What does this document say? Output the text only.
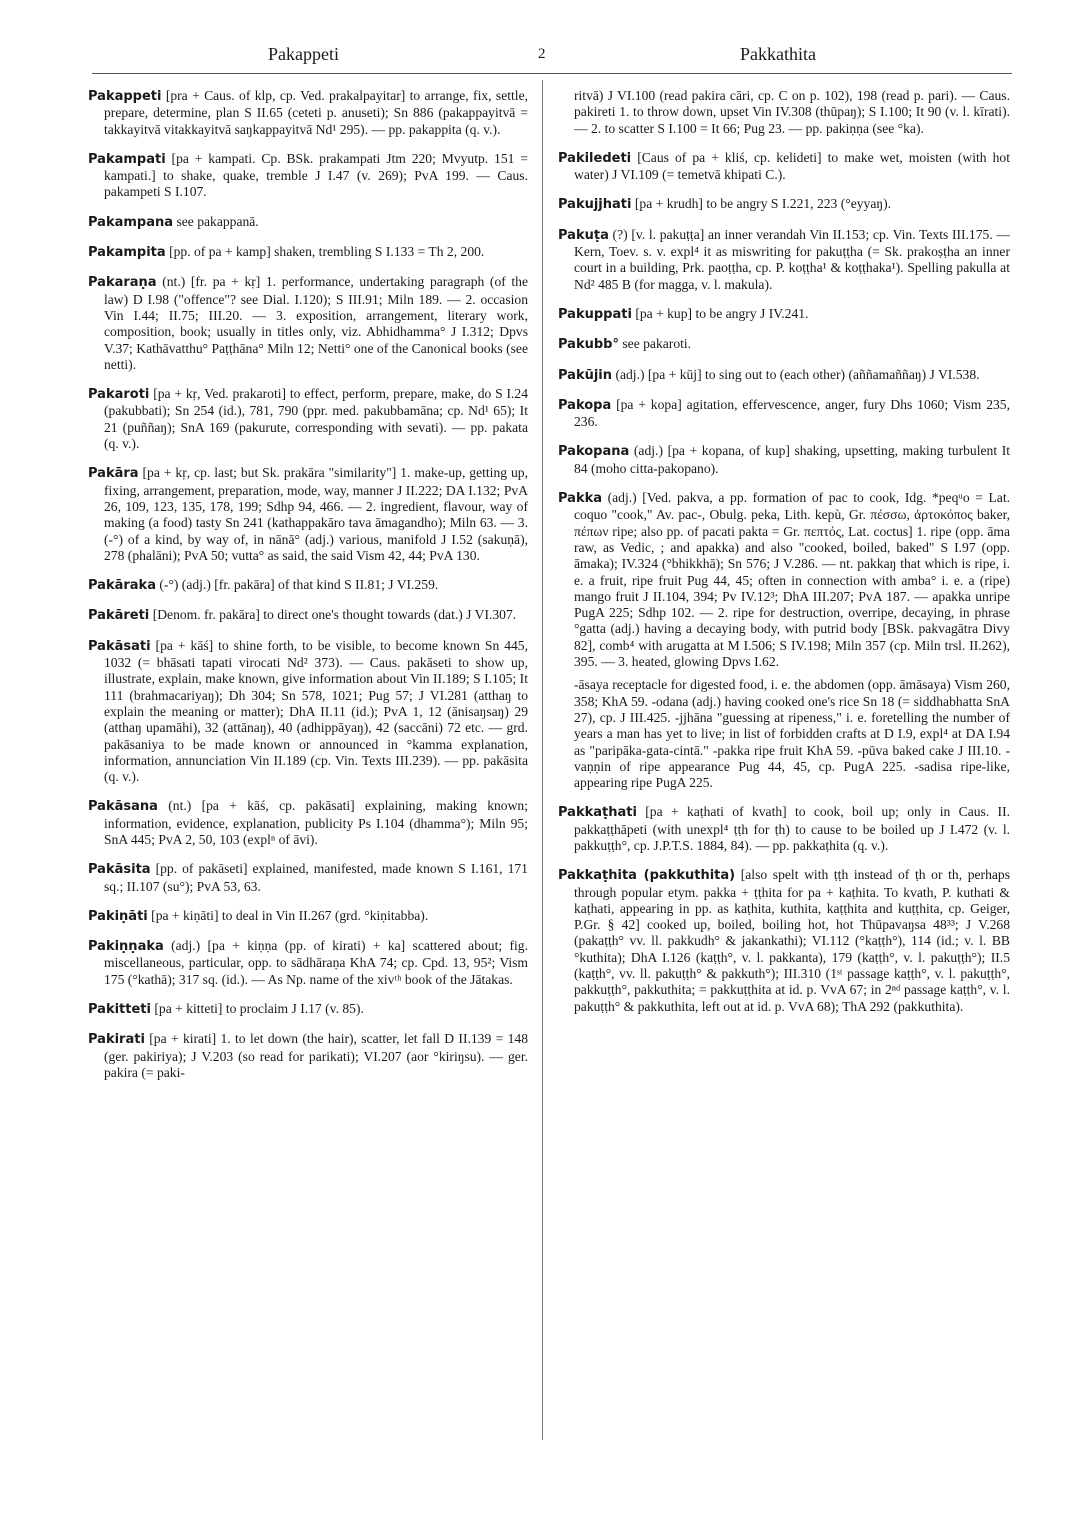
Pakappeti	2	Pakkathita

Pakappeti [pra + Caus. of klp, cp. Ved. prakalpayitar] to arrange, fix, settle, prepare, determine, plan S II.65 (ceteti p. anuseti); Sn 886 (pakappayitvā = takkayitvā vitakkayitvā saŋkappayitvā Nd¹ 295). — pp. pakappita (q. v.).

Pakampati [pa + kampati. Cp. BSk. prakampati Jtm 220; Mvyutp. 151 = kampati.] to shake, quake, tremble J I.47 (v. 269); PvA 199. — Caus. pakampeti S I.107.

Pakampana see pakappanā.

Pakampita [pp. of pa + kamp] shaken, trembling S I.133 = Th 2, 200.

Pakaraṇa (nt.) [fr. pa + kṛ] 1. performance, undertaking paragraph (of the law) D I.98 ("offence"? see Dial. I.120); S III.91; Miln 189. — 2. occasion Vin I.44; II.75; III.20. — 3. exposition, arrangement, literary work, composition, book; usually in titles only, viz. Abhidhamma° J I.312; Dpvs V.37; Kathāvatthu° Paṭṭhāna° Miln 12; Netti° one of the Canonical books (see netti).

Pakaroti [pa + kṛ, Ved. prakaroti] to effect, perform, prepare, make, do S I.24 (pakubbati); Sn 254 (id.), 781, 790 (ppr. med. pakubbamāna; cp. Nd¹ 65); It 21 (puññaŋ); SnA 169 (pakurute, corresponding with sevati). — pp. pakata (q. v.).

Pakāra [pa + kṛ, cp. last; but Sk. prakāra "similarity"] 1. make-up, getting up, fixing, arrangement, preparation, mode, way, manner J II.222; DA I.132; PvA 26, 109, 123, 135, 178, 199; Sdhp 94, 466. — 2. ingredient, flavour, way of making (a food) tasty Sn 241 (kathappakāro tava āmagandho); Miln 63. — 3. (-°) of a kind, by way of, in nānā° (adj.) various, manifold J I.52 (sakuṇā), 278 (phalāni); PvA 50; vutta° as said, the said Vism 42, 44; PvA 130.

Pakāraka (-°) (adj.) [fr. pakāra] of that kind S II.81; J VI.259.

Pakāreti [Denom. fr. pakāra] to direct one's thought towards (dat.) J VI.307.

Pakāsati [pa + kāś] to shine forth, to be visible, to become known Sn 445, 1032 (= bhāsati tapati virocati Nd² 373). — Caus. pakāseti to show up, illustrate, explain, make known, give information about Vin II.189; S I.105; It 111 (brahmacariyaŋ); Dh 304; Sn 578, 1021; Pug 57; J VI.281 (atthaŋ to explain the meaning or matter); DhA II.11 (id.); PvA 1, 12 (ānisaŋsaŋ) 29 (atthaŋ upamāhi), 32 (attānaŋ), 40 (adhippāyaŋ), 42 (saccāni) 72 etc. — grd. pakāsaniya to be made known or announced in °kamma explanation, information, annunciation Vin II.189 (cp. Vin. Texts III.239). — pp. pakāsita (q. v.).

Pakāsana (nt.) [pa + kāś, cp. pakāsati] explaining, making known; information, evidence, explanation, publicity Ps I.104 (dhamma°); Miln 95; SnA 445; PvA 2, 50, 103 (explⁿ of āvi).

Pakāsita [pp. of pakāseti] explained, manifested, made known S I.161, 171 sq.; II.107 (su°); PvA 53, 63.

Pakiṇāti [pa + kiṇāti] to deal in Vin II.267 (grd. °kiṇitabba).

Pakiṇṇaka (adj.) [pa + kiṇṇa (pp. of kirati) + ka] scattered about; fig. miscellaneous, particular, opp. to sādhāraṇa KhA 74; cp. Cpd. 13, 95²; Vism 175 (°kathā); 317 sq. (id.). — As Np. name of the xivᵗʰ book of the Jātakas.

Pakitteti [pa + kitteti] to proclaim J I.17 (v. 85).

Pakirati [pa + kirati] 1. to let down (the hair), scatter, let fall D II.139 = 148 (ger. pakiriya); J V.203 (so read for parikati); VI.207 (aor °kiriŋsu). — ger. pakira (= paki-

ritvā) J VI.100 (read pakira cāri, cp. C on p. 102), 198 (read p. pari). — Caus. pakireti 1. to throw down, upset Vin IV.308 (thūpaŋ); S I.100; It 90 (v. l. kīrati). — 2. to scatter S I.100 = It 66; Pug 23. — pp. pakiṇṇa (see °ka).

Pakiledeti [Caus of pa + kliś, cp. kelideti] to make wet, moisten (with hot water) J VI.109 (= temetvā khipati C.).

Pakujjhati [pa + krudh] to be angry S I.221, 223 (°eyyaŋ).

Pakuṭa (?) [v. l. pakuṭṭa] an inner verandah Vin II.153; cp. Vin. Texts III.175. — Kern, Toev. s. v. expl⁴ it as miswriting for pakuṭṭha (= Sk. prakoṣṭha an inner court in a building, Prk. paoṭṭha, cp. P. koṭṭha¹ & koṭṭhaka¹). Spelling pakulla at Nd² 485 B (for magga, v. l. makula).

Pakuppati [pa + kup] to be angry J IV.241.

Pakubb° see pakaroti.

Pakūjin (adj.) [pa + kūj] to sing out to (each other) (aññamaññaŋ) J VI.538.

Pakopa [pa + kopa] agitation, effervescence, anger, fury Dhs 1060; Vism 235, 236.

Pakopana (adj.) [pa + kopana, of kup] shaking, upsetting, making turbulent It 84 (moho citta-pakopano).

Pakka (adj.) [Ved. pakva, a pp. formation of pac to cook, Idg. *peqᵘo = Lat. coquo "cook," Av. pac-, Obulg. peka, Lith. kepù, Gr. πέσσω, ἀρτοκόπος baker, πέπων ripe; also pp. of pacati pakta = Gr. πεπτός, Lat. coctus] 1. ripe (opp. āma raw, as Vedic, ; and apakka) and also "cooked, boiled, baked" S I.97 (opp. āmaka); IV.324 (°bhikkhā); Sn 576; J V.286. — nt. pakkaŋ that which is ripe, i. e. a fruit, ripe fruit Pug 44, 45; often in connection with amba° i. e. a (ripe) mango fruit J II.104, 394; Pv IV.12³; DhA III.207; PvA 187. — apakka unripe PugA 225; Sdhp 102. — 2. ripe for destruction, overripe, decaying, in phrase °gatta (adj.) having a decaying body, with putrid body [BSk. pakvagātra Divy 82], comb⁴ with arugatta at M I.506; S IV.198; Miln 357 (cp. Miln trsl. II.262), 395. — 3. heated, glowing Dpvs I.62.

-āsaya receptacle for digested food, i. e. the abdomen (opp. āmāsaya) Vism 260, 358; KhA 59. -odana (adj.) having cooked one's rice Sn 18 (= siddhabhatta SnA 27), cp. J III.425. -jjhāna "guessing at ripeness," i. e. foretelling the number of years a man has yet to live; in list of forbidden crafts at D I.9, expl⁴ at DA I.94 as "paripāka-gata-cintā." -pakka ripe fruit KhA 59. -pūva baked cake J III.10. -vaṇṇin of ripe appearance Pug 44, 45, cp. PugA 225. -sadisa ripe-like, appearing ripe PugA 225.

Pakkaṭhati [pa + kaṭhati of kvath] to cook, boil up; only in Caus. II. pakkaṭṭhāpeti (with unexpl⁴ ṭṭh for ṭh) to cause to be boiled up J I.472 (v. l. pakkuṭṭh°, cp. J.P.T.S. 1884, 84). — pp. pakkaṭhita (q. v.).

Pakkaṭhita (pakkuthita) [also spelt with ṭṭh instead of ṭh or th, perhaps through popular etym. pakka + ṭṭhita for pa + kaṭhita. To kvath, P. kuthati & kaṭhati, appearing in pp. as kaṭhita, kuthita, kaṭṭhita and kuṭṭhita, cp. Geiger, P.Gr. § 42] cooked up, boiled, boiling hot, hot Thūpavaŋsa 48³³; J V.268 (pakaṭṭh° vv. ll. pakkudh° & jakankathi); VI.112 (°kaṭṭh°), 114 (id.; v. l. BB °kuthita); DhA I.126 (kaṭṭh°, v. l. pakkanta), 179 (kaṭṭh°, v. l. pakuṭṭh°); II.5 (kaṭṭh°, vv. ll. pakuṭṭh° & pakkuth°); III.310 (1ˢᵗ passage kaṭṭh°, v. l. pakuṭṭh°, pakkuṭṭh°, pakkuthita; = pakkuṭṭhita at id. p. VvA 67; in 2ⁿᵈ passage kaṭṭh°, v. l. pakuṭṭh° & pakkuthita, left out at id. p. VvA 68); ThA 292 (pakkuthita).
